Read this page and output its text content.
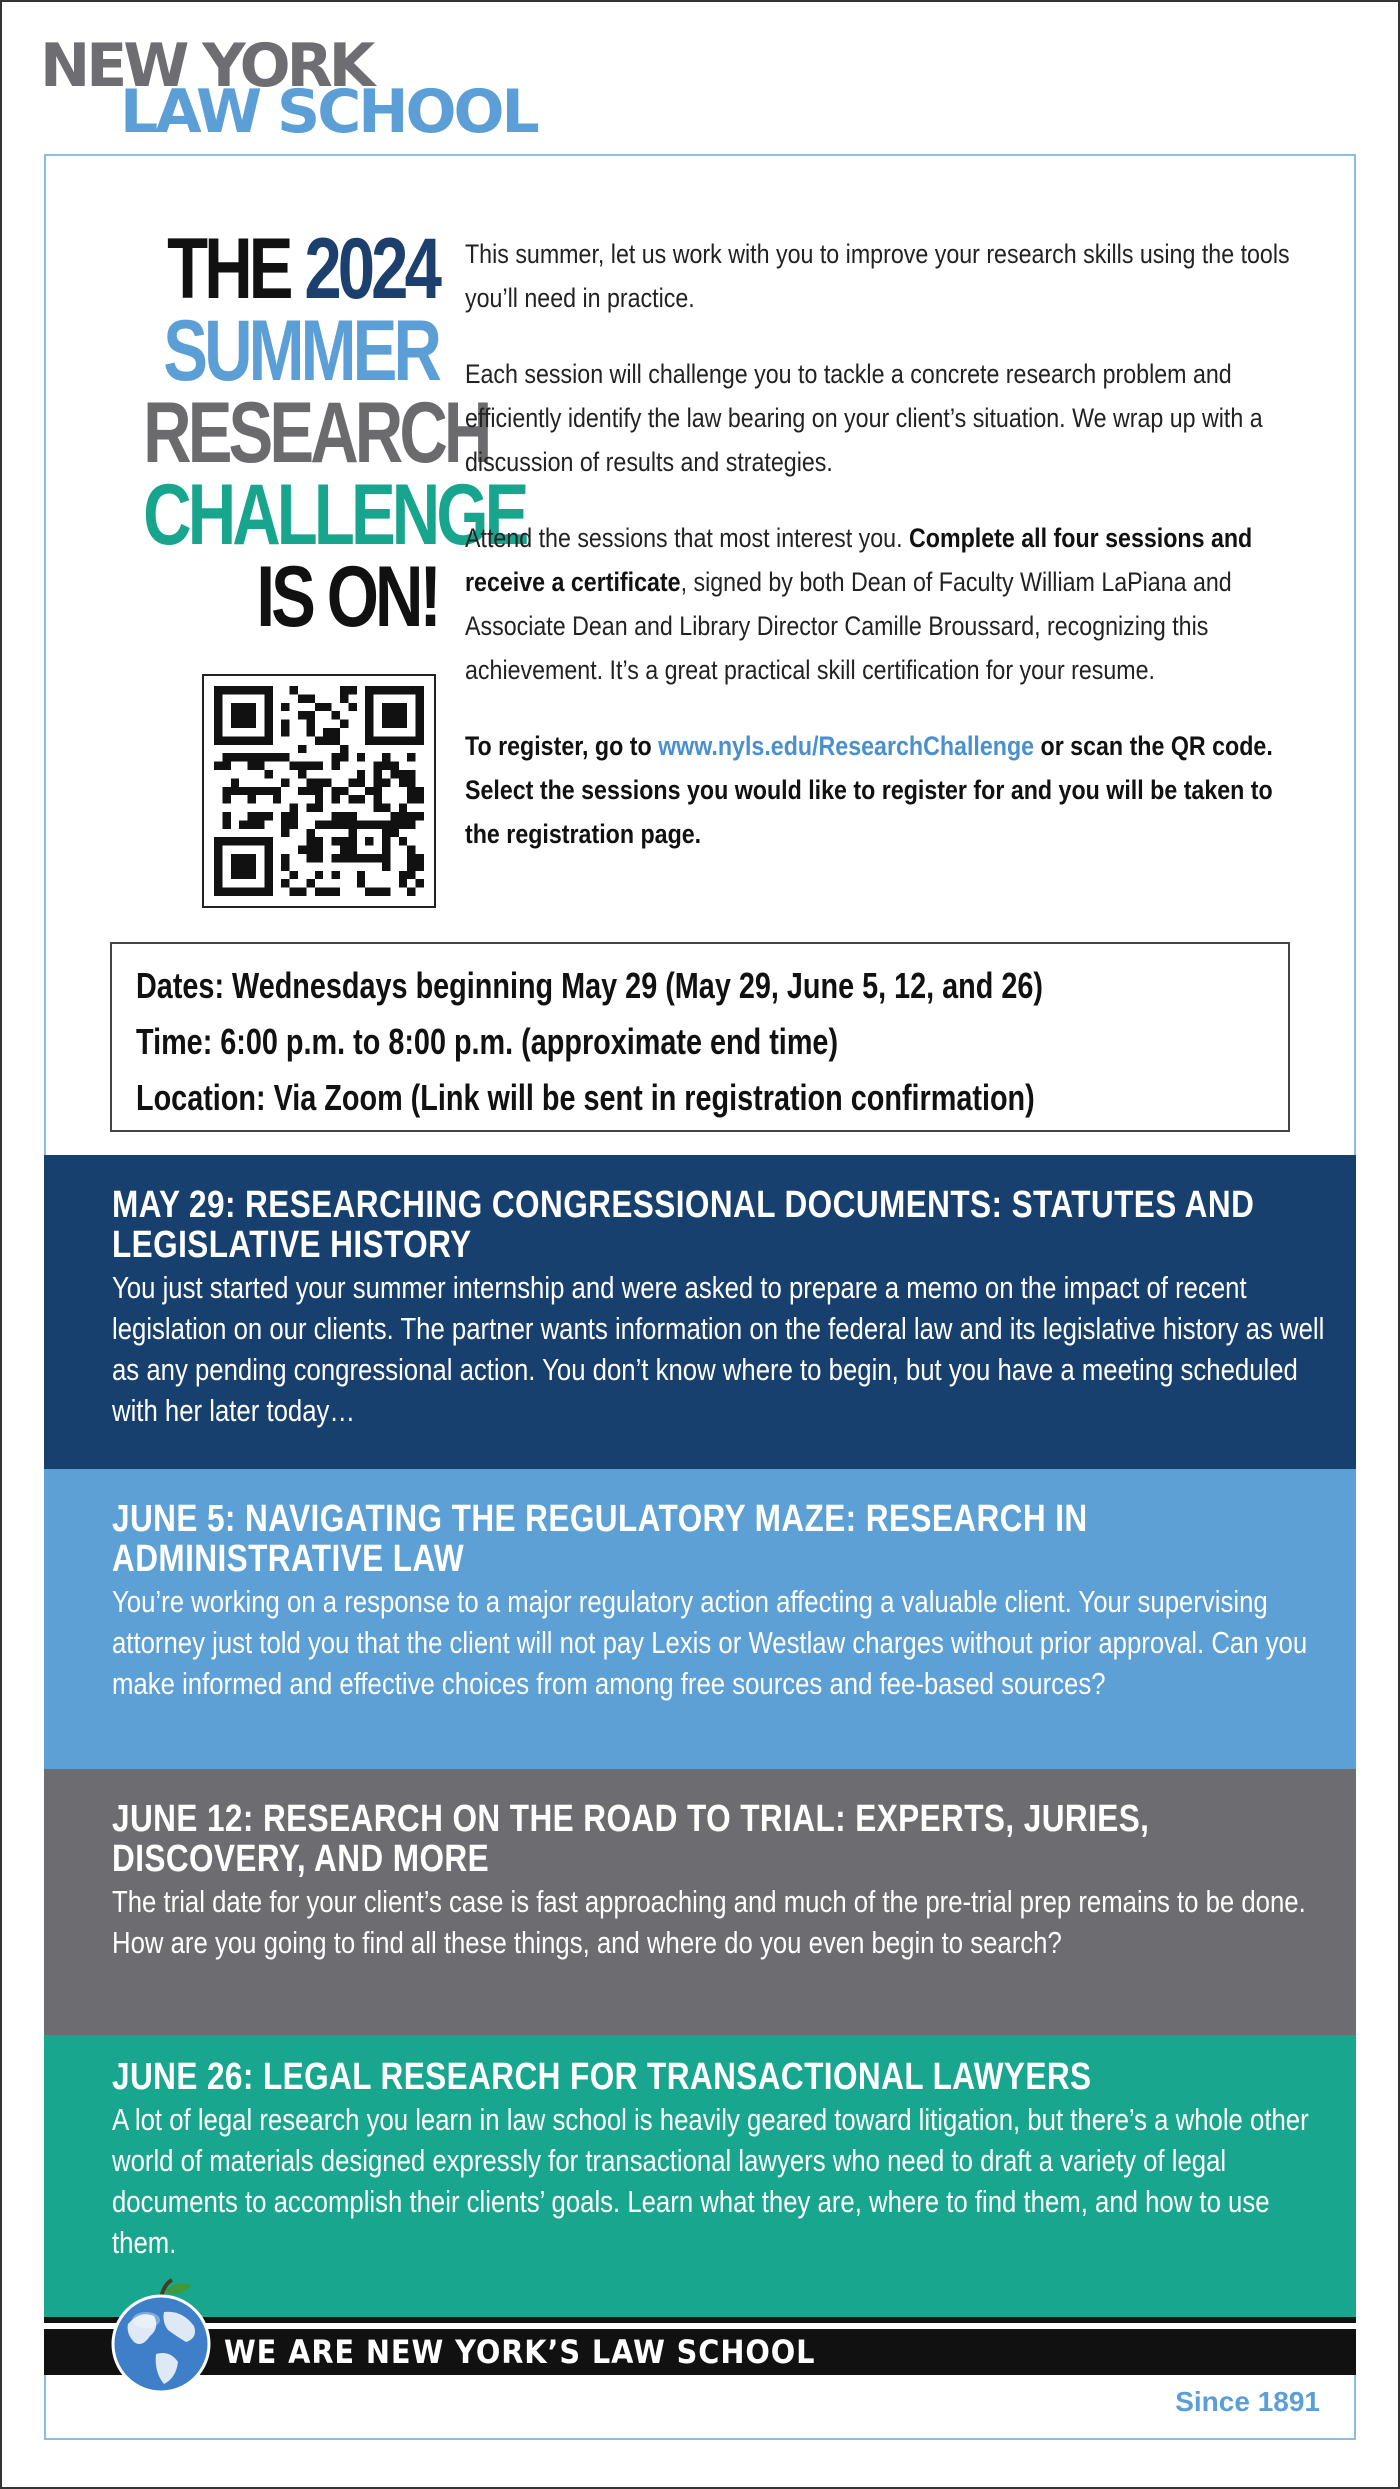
NEW YORK
LAW SCHOOL
THE 2024
SUMMER
RESEARCH
CHALLENGE
IS ON!

This summer, let us work with you to improve your research skills using the tools you’ll need in practice.

Each session will challenge you to tackle a concrete research problem and efficiently identify the law bearing on your client’s situation. We wrap up with a discussion of results and strategies.

Attend the sessions that most interest you. Complete all four sessions and receive a certificate, signed by both Dean of Faculty William LaPiana and Associate Dean and Library Director Camille Broussard, recognizing this achievement. It’s a great practical skill certification for your resume.

To register, go to www.nyls.edu/ResearchChallenge or scan the QR code. Select the sessions you would like to register for and you will be taken to the registration page.

Dates: Wednesdays beginning May 29 (May 29, June 5, 12, and 26)
Time: 6:00 p.m. to 8:00 p.m. (approximate end time)
Location: Via Zoom (Link will be sent in registration confirmation)
MAY 29: RESEARCHING CONGRESSIONAL DOCUMENTS: STATUTES AND LEGISLATIVE HISTORY
You just started your summer internship and were asked to prepare a memo on the impact of recent legislation on our clients. The partner wants information on the federal law and its legislative history as well as any pending congressional action. You don’t know where to begin, but you have a meeting scheduled with her later today…
JUNE 5: NAVIGATING THE REGULATORY MAZE: RESEARCH IN ADMINISTRATIVE LAW
You’re working on a response to a major regulatory action affecting a valuable client. Your supervising attorney just told you that the client will not pay Lexis or Westlaw charges without prior approval. Can you make informed and effective choices from among free sources and fee-based sources?
JUNE 12: RESEARCH ON THE ROAD TO TRIAL: EXPERTS, JURIES, DISCOVERY, AND MORE
The trial date for your client’s case is fast approaching and much of the pre-trial prep remains to be done. How are you going to find all these things, and where do you even begin to search?
JUNE 26: LEGAL RESEARCH FOR TRANSACTIONAL LAWYERS
A lot of legal research you learn in law school is heavily geared toward litigation, but there’s a whole other world of materials designed expressly for transactional lawyers who need to draft a variety of legal documents to accomplish their clients’ goals. Learn what they are, where to find them, and how to use them.
WE ARE NEW YORK’S LAW SCHOOL
Since 1891
